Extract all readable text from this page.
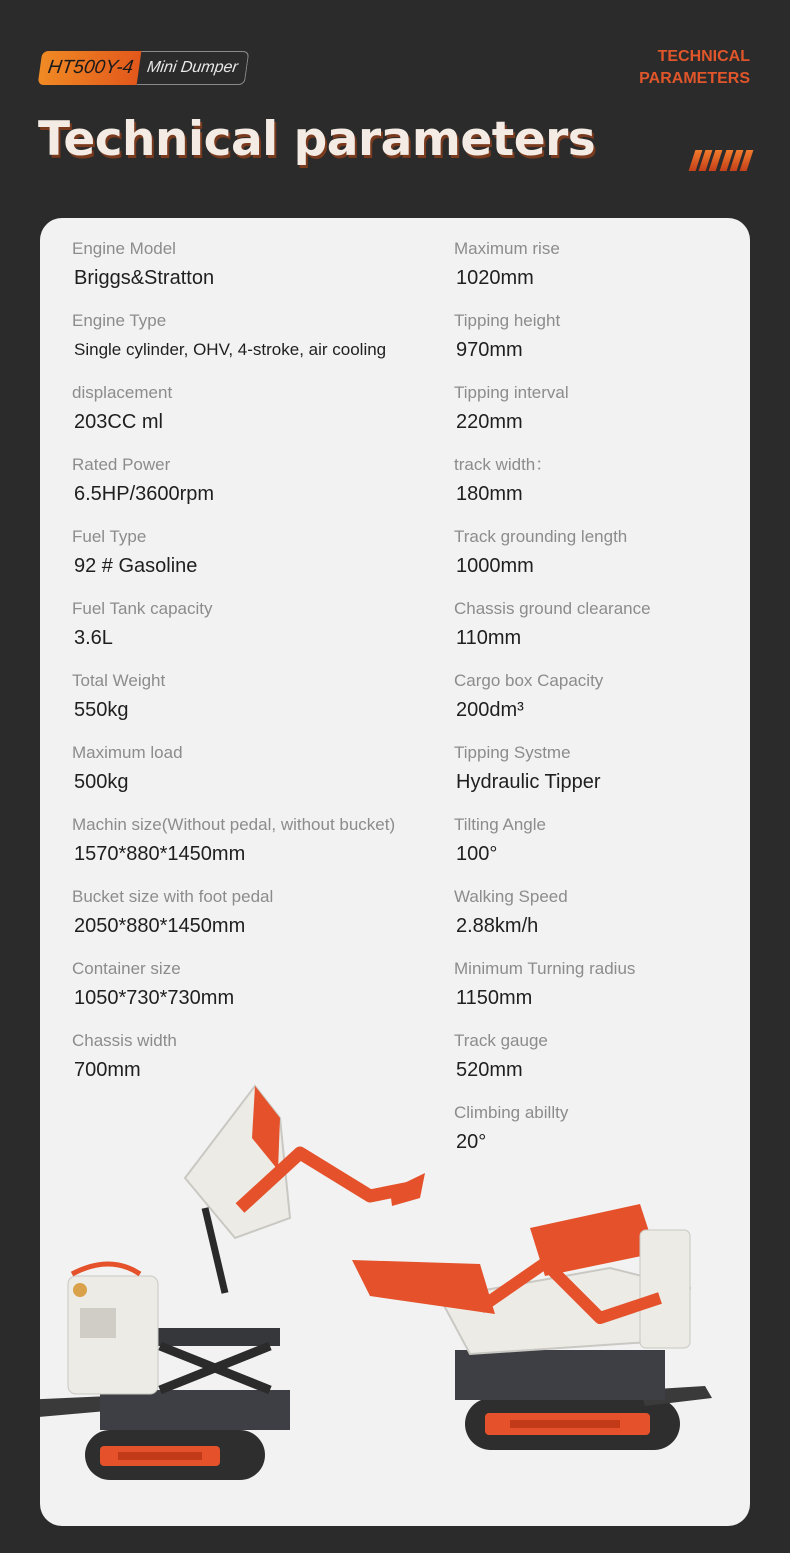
HT500Y-4 Mini Dumper
TECHNICAL
PARAMETERS
Technical parameters
Engine Model
Briggs&Stratton
Engine Type
Single cylinder, OHV, 4-stroke, air cooling
displacement
203CC ml
Rated Power
6.5HP/3600rpm
Fuel Type
92 # Gasoline
Fuel Tank capacity
3.6L
Total Weight
550kg
Maximum load
500kg
Machin size(Without pedal, without bucket)
1570*880*1450mm
Bucket size with foot pedal
2050*880*1450mm
Container size
1050*730*730mm
Chassis width
700mm
Maximum rise
1020mm
Tipping height
970mm
Tipping interval
220mm
track width：
180mm
Track grounding length
1000mm
Chassis ground clearance
110mm
Cargo box Capacity
200dm³
Tipping Systme
Hydraulic Tipper
Tilting Angle
100°
Walking Speed
2.88km/h
Minimum Turning radius
1150mm
Track gauge
520mm
Climbing abillty
20°
